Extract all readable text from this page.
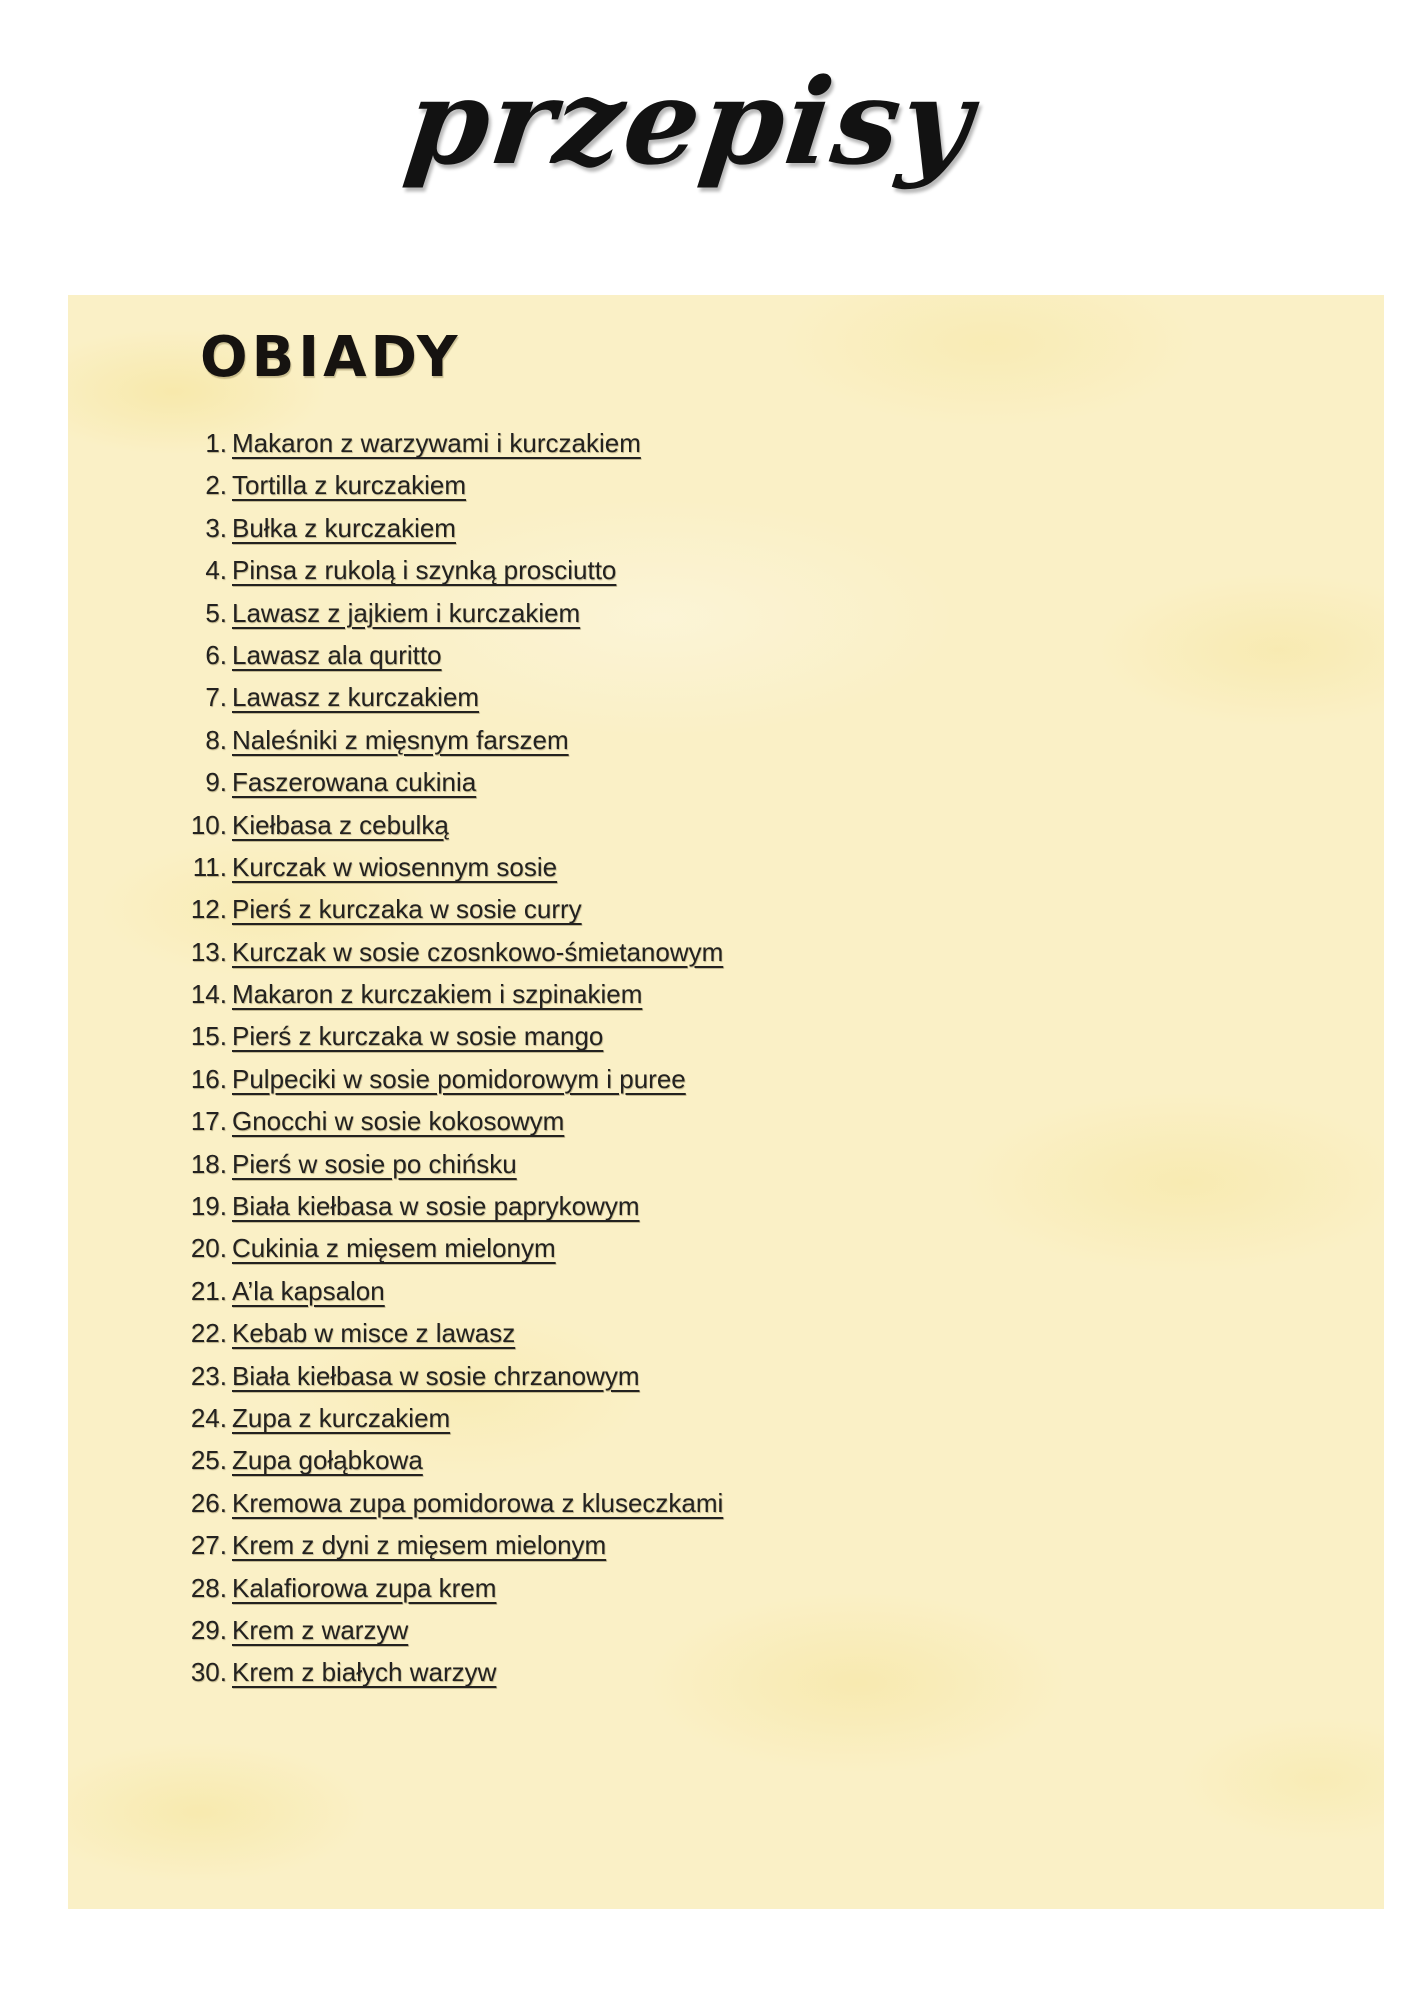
przepisy
OBIADY
1. Makaron z warzywami i kurczakiem
2. Tortilla z kurczakiem
3. Bułka z kurczakiem
4. Pinsa z rukolą i szynką prosciutto
5. Lawasz z jajkiem i kurczakiem
6. Lawasz ala quritto
7. Lawasz z kurczakiem
8. Naleśniki z mięsnym farszem
9. Faszerowana cukinia
10. Kiełbasa z cebulką
11. Kurczak w wiosennym sosie
12. Pierś z kurczaka w sosie curry
13. Kurczak w sosie czosnkowo-śmietanowym
14. Makaron z kurczakiem i szpinakiem
15. Pierś z kurczaka w sosie mango
16. Pulpeciki w sosie pomidorowym i puree
17. Gnocchi w sosie kokosowym
18. Pierś w sosie po chińsku
19. Biała kiełbasa w sosie paprykowym
20. Cukinia z mięsem mielonym
21. A’la kapsalon
22. Kebab w misce z lawasz
23. Biała kiełbasa w sosie chrzanowym
24. Zupa z kurczakiem
25. Zupa gołąbkowa
26. Kremowa zupa pomidorowa z kluseczkami
27. Krem z dyni z mięsem mielonym
28. Kalafiorowa zupa krem
29. Krem z warzyw
30. Krem z białych warzyw
